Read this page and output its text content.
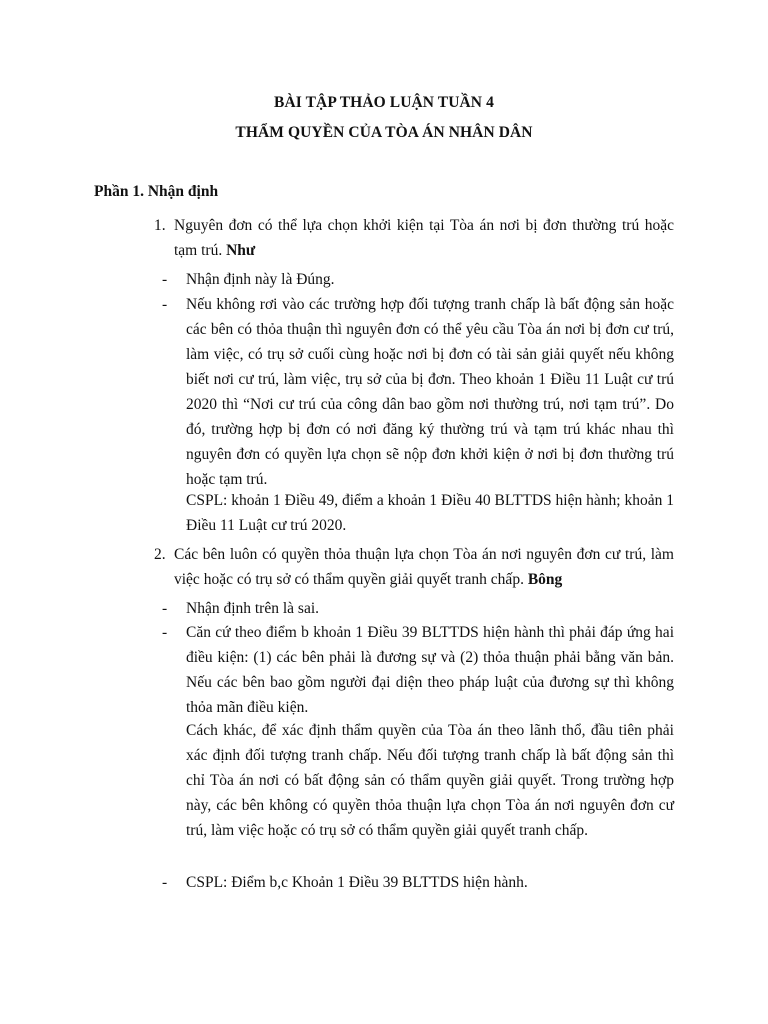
BÀI TẬP THẢO LUẬN TUẦN 4
THẨM QUYỀN CỦA TÒA ÁN NHÂN DÂN
Phần 1. Nhận định
1. Nguyên đơn có thể lựa chọn khởi kiện tại Tòa án nơi bị đơn thường trú hoặc tạm trú. Như
- Nhận định này là Đúng.
- Nếu không rơi vào các trường hợp đối tượng tranh chấp là bất động sản hoặc các bên có thỏa thuận thì nguyên đơn có thể yêu cầu Tòa án nơi bị đơn cư trú, làm việc, có trụ sở cuối cùng hoặc nơi bị đơn có tài sản giải quyết nếu không biết nơi cư trú, làm việc, trụ sở của bị đơn. Theo khoản 1 Điều 11 Luật cư trú 2020 thì “Nơi cư trú của công dân bao gồm nơi thường trú, nơi tạm trú”. Do đó, trường hợp bị đơn có nơi đăng ký thường trú và tạm trú khác nhau thì nguyên đơn có quyền lựa chọn sẽ nộp đơn khởi kiện ở nơi bị đơn thường trú hoặc tạm trú.
CSPL: khoản 1 Điều 49, điểm a khoản 1 Điều 40 BLTTDS hiện hành; khoản 1 Điều 11 Luật cư trú 2020.
2. Các bên luôn có quyền thỏa thuận lựa chọn Tòa án nơi nguyên đơn cư trú, làm việc hoặc có trụ sở có thẩm quyền giải quyết tranh chấp. Bông
- Nhận định trên là sai.
- Căn cứ theo điểm b khoản 1 Điều 39 BLTTDS hiện hành thì phải đáp ứng hai điều kiện: (1) các bên phải là đương sự và (2) thỏa thuận phải bằng văn bản. Nếu các bên bao gồm người đại diện theo pháp luật của đương sự thì không thỏa mãn điều kiện.
Cách khác, để xác định thẩm quyền của Tòa án theo lãnh thổ, đầu tiên phải xác định đối tượng tranh chấp. Nếu đối tượng tranh chấp là bất động sản thì chỉ Tòa án nơi có bất động sản có thẩm quyền giải quyết. Trong trường hợp này, các bên không có quyền thỏa thuận lựa chọn Tòa án nơi nguyên đơn cư trú, làm việc hoặc có trụ sở có thẩm quyền giải quyết tranh chấp.
- CSPL: Điểm b,c Khoản 1 Điều 39 BLTTDS hiện hành.
